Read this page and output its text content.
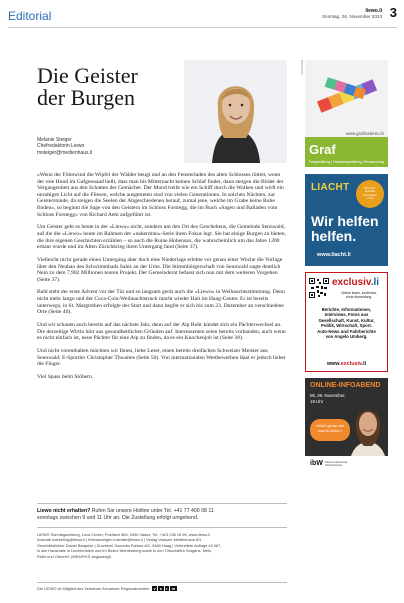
Editorial	liewo.li
Sonntag, 26. November 2023 3
Die Geister
der Burgen
Melanie Steiger
Chefredaktorin Liewo
msteiger@medienhaus.li

«Wenn der Föhnwind die Wipfel der Wälder beugt und an den Fensterladen des alten Schlosses rüttelt, wenn der rote Hund im Gafgennaad bellt, dass man bis Mitternacht keinen Schlaf findet, dann steigen die Bilder der Vergangenheit aus den Schatten der Gemächer. Der Mond treibt wie ein Schiff durch die Wolken und wirft ein unruhiges Licht auf die Fliesen, welche ausgetreten sind von vielen Generationen. In solchen Nächten, zur Geisterstunde, da steigen die Seelen der Abgeschiedenen herauf, zumal jene, welche im Grabe keine Ruhe finden», so beginnt die Sage von den Geistern im Schloss Forstegg, die im Buch «Sagen und Balladen vom Schloss Forstegg» von Richard Aebi aufgeführt ist.

Um Geister geht es heute in der «Liewo» nicht, sondern um den Ort des Geschehens, die Gemeinde Sennwald, auf die die «Liewo» heute im Rahmen der «naherdran»-Serie ihren Fokus legt. Sie hat einige Burgen zu bieten, die ihre eigenen Geschichten erzählen – so auch die Ruine Hohensax, die wahrscheinlich um das Jahre 1200 erbaut wurde und im Alten Zürichkrieg ihren Untergang fand (Seite 37).

Vielleicht nicht gerade einen Untergang aber doch eine Niederlage erlebte vor genau einer Woche die Vorlage über den Neubau des Schwimmbads Salez an der Urne. Die Stimmbürgerschaft von Sennwald sagte deutlich Nein zu dem 7,982 Millionen teuren Projekt. Der Gemeinderat befasst sich nun mit dem weiteren Vorgehen (Seite 37).

Bald steht der erste Advent vor der Tür und so langsam gerät auch die «Liewo» in Weihnachtsstimmung. Denn nicht mehr lange und der Coca-Cola-Weihnachtstruck macht wieder Halt im Haag-Center. Er ist bereits unterwegs, in St. Margrethen erfolgte der Start und dann begibt er sich bis zum 23. Dezember an verschiedene Orte (Seite 40).

Und wir schauen auch bereits auf das nächste Jahr, denn auf der Alp Rohr kündet sich ein Pächterwechsel an. Die derzeitige Wirtin hört aus gesundheitlichen Gründen auf. Interessenten seien bereits vorhanden, auch wenn es nicht einfach ist, neue Pächter für eine Alp zu finden, da es ein Knochenjob ist (Seite 38).

Und nicht vorenthalten möchten wir Ihnen, liebe Leser, einen bereits dreifachen Schweizer Meister aus Sennwald: E-Sportler Christopher Thwaites (Seite 50). Von internationalen Wettbewerben lässt er jedoch lieber die Finger.

Viel Spass beim Stöbern.

Liewo nicht erhalten? Rufen Sie unsere Hotline unter Tel. +41 77 400 08 11
sonntags zwischen 9 und 11 Uhr an. Die Zustellung erfolgt umgehend.
LIEWO Sonntagszeitung, Lova Center, Postfach 884, 9490 Vaduz, Tel. +423 236 16 96, www.liewo.li
Inserate marketing@liewo.li | Kleinanzeigen inserate@liewo.li | Verlag Vaduzer Medienhaus AG
Geschäftsführer Daniel Bargetze | Druckerei Somedia Partner AG, 9469 Haag | Verbreitete Auflage 43 087,
in alle Haushalte in Liechtenstein und im Bezirk Werdenberg sowie in den Ortschaften Sargans, Mels,
Rüthi und Oberriet. (WEMF/KS-beglaubigt)
Die LIEWO ist Mitglied des Verbands Schweizer Regionalmedien	v	s	r	m
ANZEIGEN
www.grafmalerei.ch
Graf
Farbgestaltung | Fassadengestaltung | Restaurierung
LIACHT	Bis 24.12.
Spenden
für Familien
in Not
Wir helfen
helfen.
www.liacht.li
exclusiv.li
Online lesen, kostenlos,
ohne Anmeldung.
Berichte, Informationen,
Interviews, Fotos aus
Gesellschaft, Kunst, Kultur,
Politik, Wirtschaft, Sport.
Auto-News und Fahrberichte
von Angelo Umberg.
www.exclusiv.li
ONLINE-INFOABEND
Mi, 29. November,
19 Uhr
«Mach genau das
was du fühlst.»
ibW Höhere Fachschule
Südostschweiz
